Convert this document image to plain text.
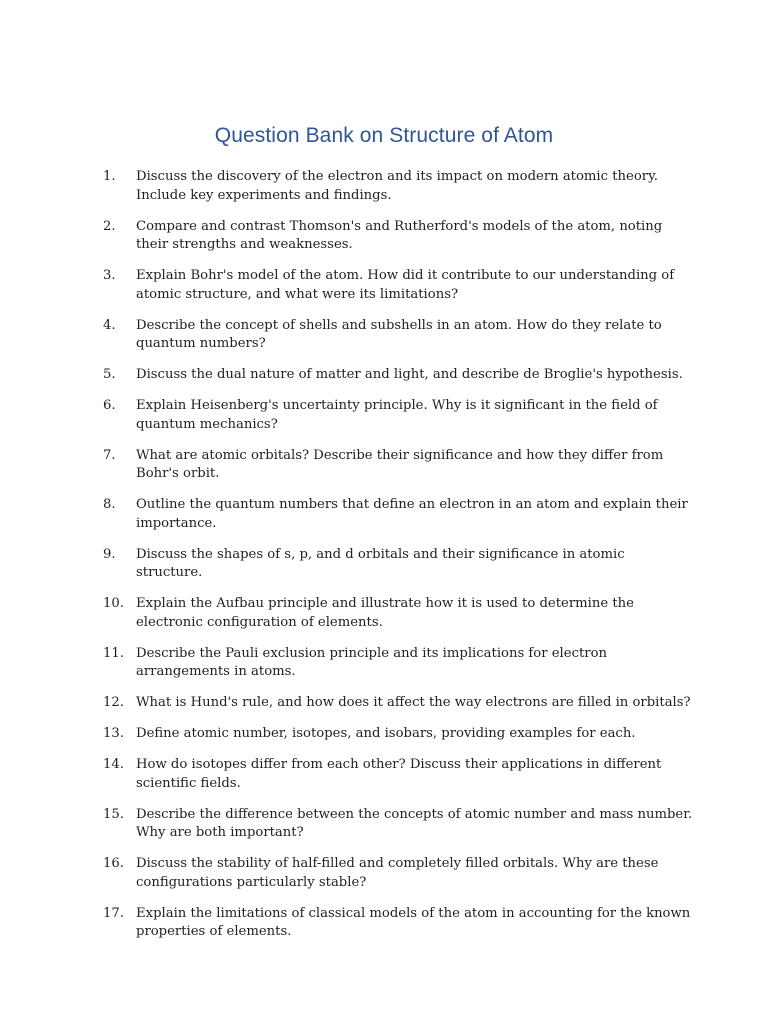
Question Bank on Structure of Atom
1.	Discuss the discovery of the electron and its impact on modern atomic theory. Include key experiments and findings.
2.	Compare and contrast Thomson's and Rutherford's models of the atom, noting their strengths and weaknesses.
3.	Explain Bohr's model of the atom. How did it contribute to our understanding of atomic structure, and what were its limitations?
4.	Describe the concept of shells and subshells in an atom. How do they relate to quantum numbers?
5.	Discuss the dual nature of matter and light, and describe de Broglie's hypothesis.
6.	Explain Heisenberg's uncertainty principle. Why is it significant in the field of quantum mechanics?
7.	What are atomic orbitals? Describe their significance and how they differ from Bohr's orbit.
8.	Outline the quantum numbers that define an electron in an atom and explain their importance.
9.	Discuss the shapes of s, p, and d orbitals and their significance in atomic structure.
10. Explain the Aufbau principle and illustrate how it is used to determine the electronic configuration of elements.
11. Describe the Pauli exclusion principle and its implications for electron arrangements in atoms.
12. What is Hund's rule, and how does it affect the way electrons are filled in orbitals?
13. Define atomic number, isotopes, and isobars, providing examples for each.
14. How do isotopes differ from each other? Discuss their applications in different scientific fields.
15. Describe the difference between the concepts of atomic number and mass number. Why are both important?
16. Discuss the stability of half-filled and completely filled orbitals. Why are these configurations particularly stable?
17. Explain the limitations of classical models of the atom in accounting for the known properties of elements.
